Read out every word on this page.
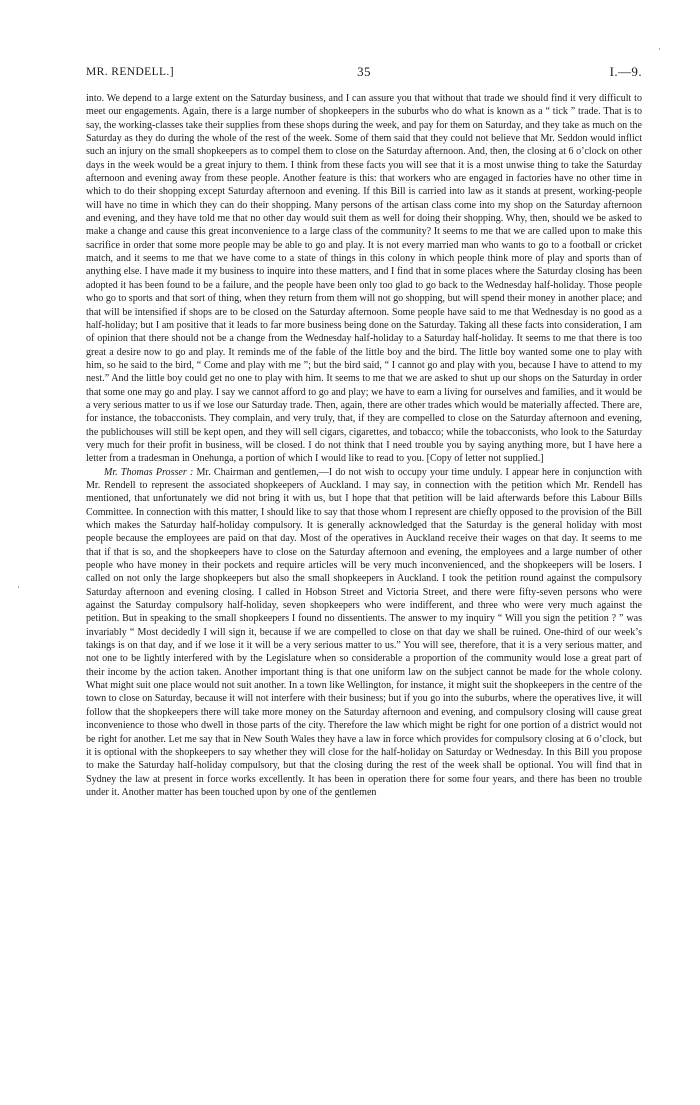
·
·
MR. RENDELL.]	35	I.—9.

into. We depend to a large extent on the Saturday business, and I can assure you that without that trade we should find it very difficult to meet our engagements. Again, there is a large number of shopkeepers in the suburbs who do what is known as a “ tick ” trade. That is to say, the working-classes take their supplies from these shops during the week, and pay for them on Saturday, and they take as much on the Saturday as they do during the whole of the rest of the week. Some of them said that they could not believe that Mr. Seddon would inflict such an injury on the small shopkeepers as to compel them to close on the Saturday afternoon. And, then, the closing at 6 o’clock on other days in the week would be a great injury to them. I think from these facts you will see that it is a most unwise thing to take the Saturday afternoon and evening away from these people. Another feature is this: that workers who are engaged in factories have no other time in which to do their shopping except Saturday afternoon and evening. If this Bill is carried into law as it stands at present, working-people will have no time in which they can do their shopping. Many persons of the artisan class come into my shop on the Saturday afternoon and evening, and they have told me that no other day would suit them as well for doing their shopping. Why, then, should we be asked to make a change and cause this great inconvenience to a large class of the community? It seems to me that we are called upon to make this sacrifice in order that some more people may be able to go and play. It is not every married man who wants to go to a football or cricket match, and it seems to me that we have come to a state of things in this colony in which people think more of play and sports than of anything else. I have made it my business to inquire into these matters, and I find that in some places where the Saturday closing has been adopted it has been found to be a failure, and the people have been only too glad to go back to the Wednesday half-holiday. Those people who go to sports and that sort of thing, when they return from them will not go shopping, but will spend their money in another place; and that will be intensified if shops are to be closed on the Saturday afternoon. Some people have said to me that Wednesday is no good as a half-holiday; but I am positive that it leads to far more business being done on the Saturday. Taking all these facts into consideration, I am of opinion that there should not be a change from the Wednesday half-holiday to a Saturday half-holiday. It seems to me that there is too great a desire now to go and play. It reminds me of the fable of the little boy and the bird. The little boy wanted some one to play with him, so he said to the bird, “ Come and play with me ”; but the bird said, “ I cannot go and play with you, because I have to attend to my nest.” And the little boy could get no one to play with him. It seems to me that we are asked to shut up our shops on the Saturday in order that some one may go and play. I say we cannot afford to go and play; we have to earn a living for ourselves and families, and it would be a very serious matter to us if we lose our Saturday trade. Then, again, there are other trades which would be materially affected. There are, for instance, the tobacconists. They complain, and very truly, that, if they are compelled to close on the Saturday afternoon and evening, the publichouses will still be kept open, and they will sell cigars, cigarettes, and tobacco; while the tobacconists, who look to the Saturday very much for their profit in business, will be closed. I do not think that I need trouble you by saying anything more, but I have here a letter from a tradesman in Onehunga, a portion of which I would like to read to you. [Copy of letter not supplied.]

Mr. Thomas Prosser : Mr. Chairman and gentlemen,—I do not wish to occupy your time unduly. I appear here in conjunction with Mr. Rendell to represent the associated shopkeepers of Auckland. I may say, in connection with the petition which Mr. Rendell has mentioned, that unfortunately we did not bring it with us, but I hope that that petition will be laid afterwards before this Labour Bills Committee. In connection with this matter, I should like to say that those whom I represent are chiefly opposed to the provision of the Bill which makes the Saturday half-holiday compulsory. It is generally acknowledged that the Saturday is the general holiday with most people because the employees are paid on that day. Most of the operatives in Auckland receive their wages on that day. It seems to me that if that is so, and the shopkeepers have to close on the Saturday afternoon and evening, the employees and a large number of other people who have money in their pockets and require articles will be very much inconvenienced, and the shopkeepers will be losers. I called on not only the large shopkeepers but also the small shopkeepers in Auckland. I took the petition round against the compulsory Saturday afternoon and evening closing. I called in Hobson Street and Victoria Street, and there were fifty-seven persons who were against the Saturday compulsory half-holiday, seven shopkeepers who were indifferent, and three who were very much against the petition. But in speaking to the small shopkeepers I found no dissentients. The answer to my inquiry “ Will you sign the petition ? ” was invariably “ Most decidedly I will sign it, because if we are compelled to close on that day we shall be ruined. One-third of our week’s takings is on that day, and if we lose it it will be a very serious matter to us.” You will see, therefore, that it is a very serious matter, and not one to be lightly interfered with by the Legislature when so considerable a proportion of the community would lose a great part of their income by the action taken. Another important thing is that one uniform law on the subject cannot be made for the whole colony. What might suit one place would not suit another. In a town like Wellington, for instance, it might suit the shopkeepers in the centre of the town to close on Saturday, because it will not interfere with their business; but if you go into the suburbs, where the operatives live, it will follow that the shopkeepers there will take more money on the Saturday afternoon and evening, and compulsory closing will cause great inconvenience to those who dwell in those parts of the city. Therefore the law which might be right for one portion of a district would not be right for another. Let me say that in New South Wales they have a law in force which provides for compulsory closing at 6 o’clock, but it is optional with the shopkeepers to say whether they will close for the half-holiday on Saturday or Wednesday. In this Bill you propose to make the Saturday half-holiday compulsory, but that the closing during the rest of the week shall be optional. You will find that in Sydney the law at present in force works excellently. It has been in operation there for some four years, and there has been no trouble under it. Another matter has been touched upon by one of the gentlemen
